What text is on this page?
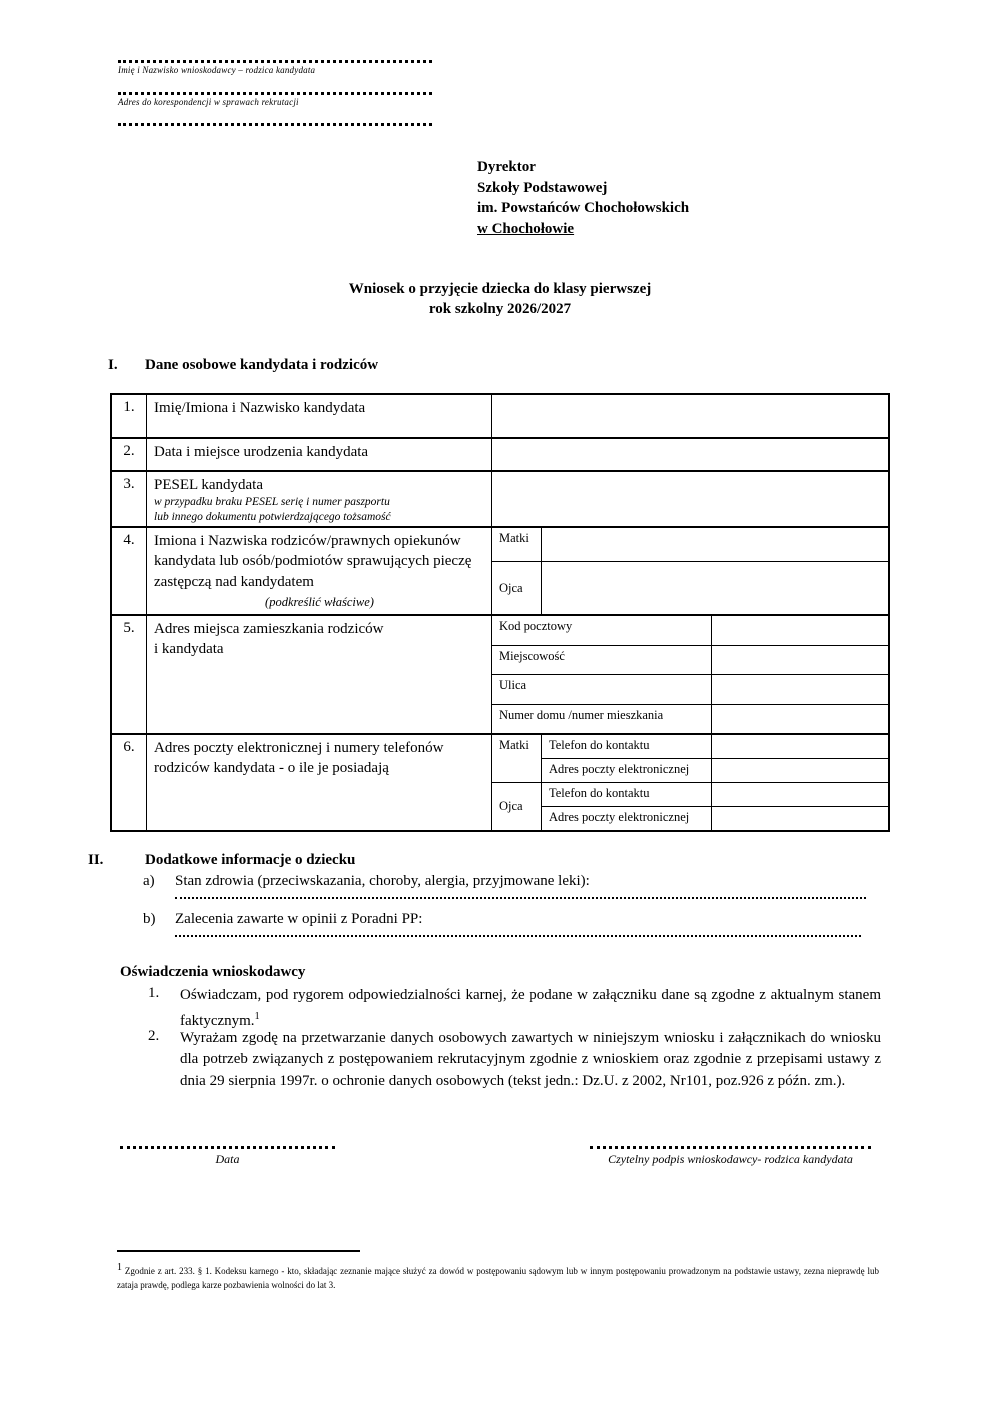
Imię i Nazwisko wnioskodawcy – rodzica kandydata
Adres do korespondencji w sprawach rekrutacji
Dyrektor
Szkoły Podstawowej
im. Powstańców Chochołowskich
w Chochołowie
Wniosek o przyjęcie dziecka do klasy pierwszej
rok szkolny 2026/2027
I.	Dane osobowe kandydata i rodziców
1.	Imię/Imiona i Nazwisko kandydata
2.	Data i miejsce urodzenia kandydata
3.	PESEL kandydata
w przypadku braku PESEL serię i numer paszportu
lub innego dokumentu potwierdzającego tożsamość
4.	Imiona i Nazwiska rodziców/prawnych opiekunów kandydata lub osób/podmiotów sprawujących pieczę zastępczą nad kandydatem
(podkreślić właściwe)
Matki
Ojca
5.	Adres miejsca zamieszkania rodziców i kandydata
Kod pocztowy
Miejscowość
Ulica
Numer domu /numer mieszkania
6.	Adres poczty elektronicznej i numery telefonów rodziców kandydata - o ile je posiadają
Matki	Telefon do kontaktu
Adres poczty elektronicznej
Ojca
Telefon do kontaktu
Adres poczty elektronicznej
II.	Dodatkowe informacje o dziecku
a) Stan zdrowia (przeciwskazania, choroby, alergia, przyjmowane leki):
b) Zalecenia zawarte w opinii z Poradni PP:
Oświadczenia wnioskodawcy
1. Oświadczam, pod rygorem odpowiedzialności karnej, że podane w załączniku dane są zgodne z aktualnym stanem faktycznym.$^1$
2. Wyrażam zgodę na przetwarzanie danych osobowych zawartych w niniejszym wniosku i załącznikach do wniosku dla potrzeb związanych z postępowaniem rekrutacyjnym zgodnie z wnioskiem oraz zgodnie z przepisami ustawy z dnia 29 sierpnia 1997r. o ochronie danych osobowych (tekst jedn.: Dz.U. z 2002, Nr101, poz.926 z późn. zm.).
Data	Czytelny podpis wnioskodawcy- rodzica kandydata
$^1$ Zgodnie z art. 233. § 1. Kodeksu karnego - kto, składając zeznanie mające służyć za dowód w postępowaniu sądowym lub w innym postępowaniu prowadzonym na podstawie ustawy, zezna nieprawdę lub zataja prawdę, podlega karze pozbawienia wolności do lat 3.
